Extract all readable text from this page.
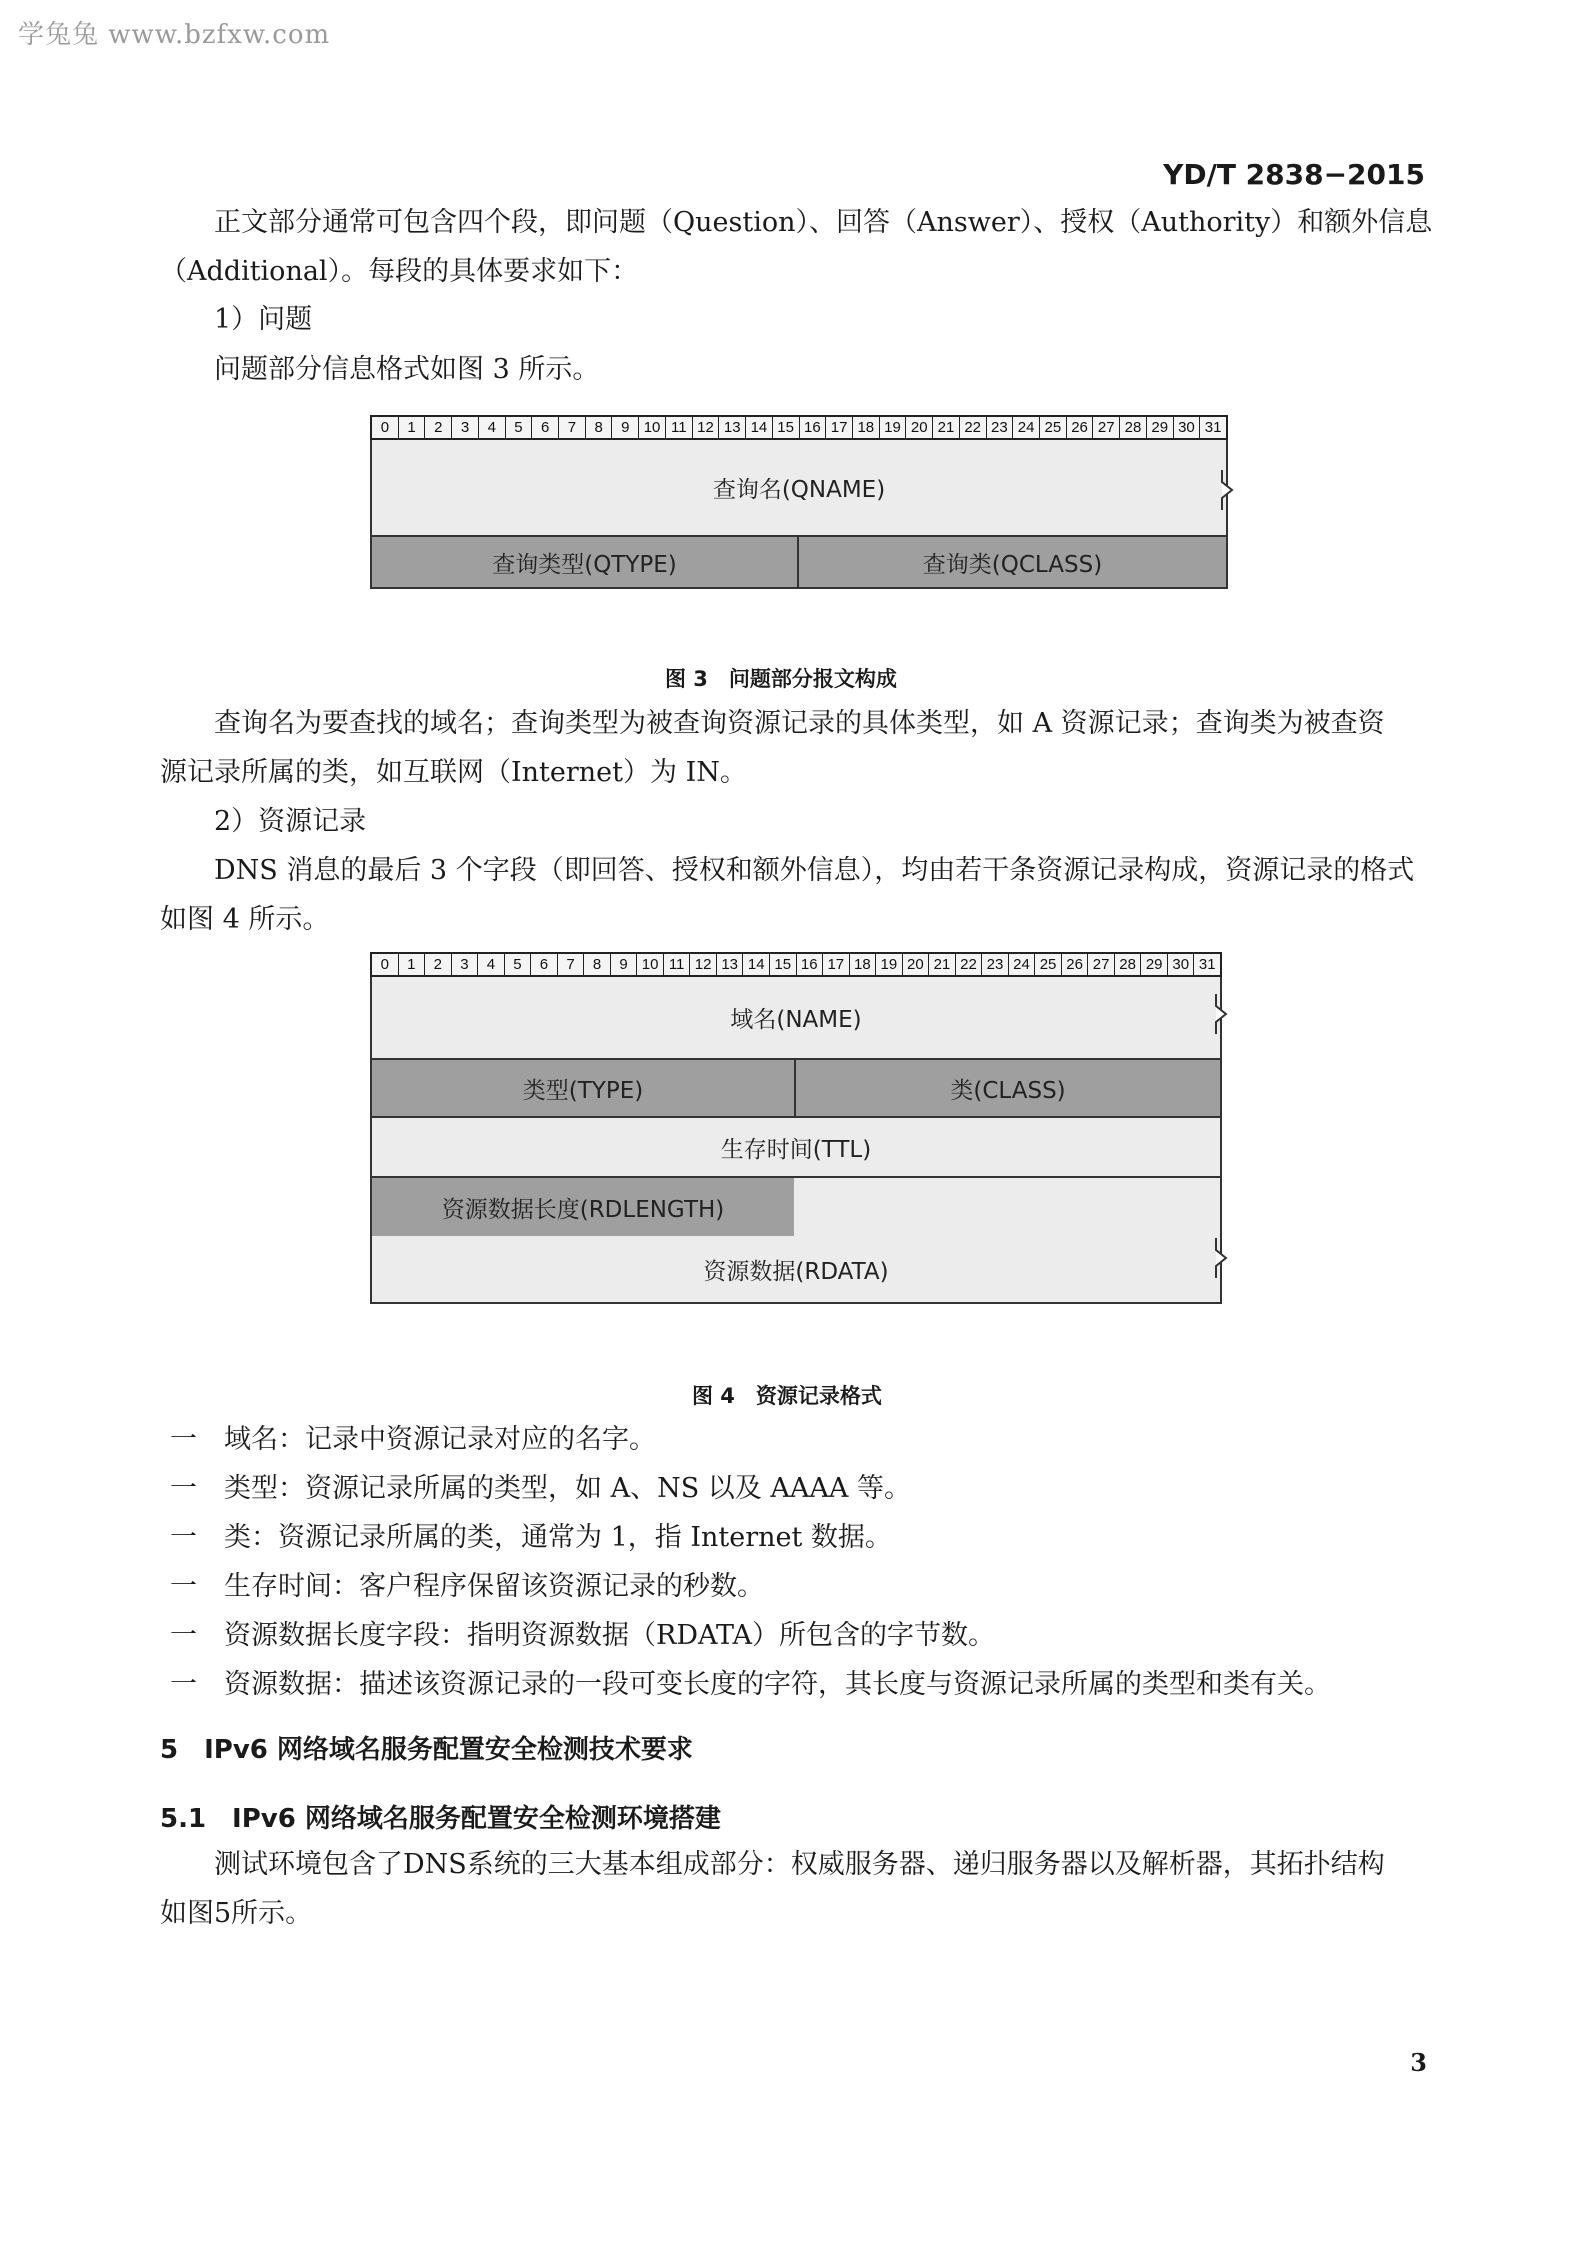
学兔兔 www.bzfxw.com
YD/T 2838−2015
正文部分通常可包含四个段，即问题（Question）、回答（Answer）、授权（Authority）和额外信息
（Additional）。每段的具体要求如下：
1）问题
问题部分信息格式如图 3 所示。
0	1	2	3	4	5	6	7	8	9 10 11 12 13 14 15 16 17 18 19 20 21 22 23 24 25 26 27 28 29 30 31
查询名(QNAME)
查询类型(QTYPE)	查询类(QCLASS)
图 3　问题部分报文构成
查询名为要查找的域名；查询类型为被查询资源记录的具体类型，如 A 资源记录；查询类为被查资
源记录所属的类，如互联网（Internet）为 IN。
2）资源记录
DNS 消息的最后 3 个字段（即回答、授权和额外信息），均由若干条资源记录构成，资源记录的格式
如图 4 所示。
0	1	2	3	4	5	6	7	8	9 10 11 12 13 14 15 16 17 18 19 20 21 22 23 24 25 26 27 28 29 30 31
域名(NAME)
类型(TYPE)	类(CLASS)
生存时间(TTL)
资源数据长度(RDLENGTH)
资源数据(RDATA)
图 4　资源记录格式
一　域名：记录中资源记录对应的名字。
一　类型：资源记录所属的类型，如 A、NS 以及 AAAA 等。
一　类：资源记录所属的类，通常为 1，指 Internet 数据。
一　生存时间：客户程序保留该资源记录的秒数。
一　资源数据长度字段：指明资源数据（RDATA）所包含的字节数。
一　资源数据：描述该资源记录的一段可变长度的字符，其长度与资源记录所属的类型和类有关。
5　IPv6 网络域名服务配置安全检测技术要求
5.1　IPv6 网络域名服务配置安全检测环境搭建
测试环境包含了DNS系统的三大基本组成部分：权威服务器、递归服务器以及解析器，其拓扑结构
如图5所示。
3
